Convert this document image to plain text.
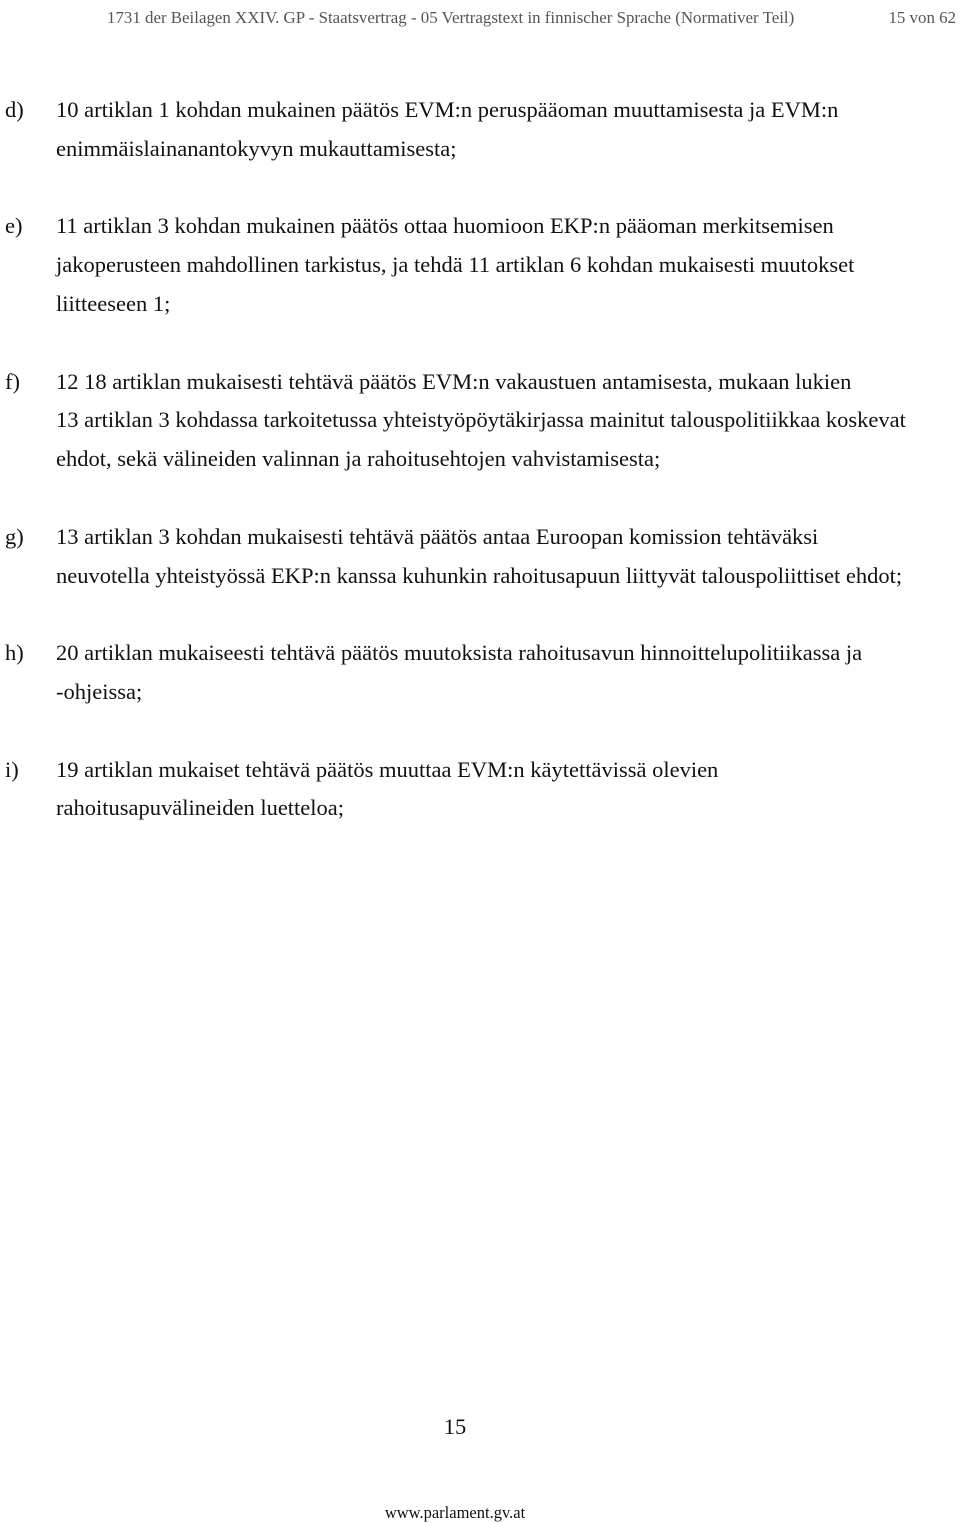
1731 der Beilagen XXIV. GP - Staatsvertrag - 05 Vertragstext in finnischer Sprache (Normativer Teil)	15 von 62
d)	10 artiklan 1 kohdan mukainen päätös EVM:n peruspääoman muuttamisesta ja EVM:n
enimmäislainanantokyvyn mukauttamisesta;
e)	11 artiklan 3 kohdan mukainen päätös ottaa huomioon EKP:n pääoman merkitsemisen
jakoperusteen mahdollinen tarkistus, ja tehdä 11 artiklan 6 kohdan mukaisesti muutokset
liitteeseen 1;
f)	12 18 artiklan mukaisesti tehtävä päätös EVM:n vakaustuen antamisesta, mukaan lukien
13 artiklan 3 kohdassa tarkoitetussa yhteistyöpöytäkirjassa mainitut talouspolitiikkaa koskevat
ehdot, sekä välineiden valinnan ja rahoitusehtojen vahvistamisesta;
g)	13 artiklan 3 kohdan mukaisesti tehtävä päätös antaa Euroopan komission tehtäväksi
neuvotella yhteistyössä EKP:n kanssa kuhunkin rahoitusapuun liittyvät talouspoliittiset ehdot;
h)	20 artiklan mukaiseesti tehtävä päätös muutoksista rahoitusavun hinnoittelupolitiikassa ja
-ohjeissa;
i)	19 artiklan mukaiset tehtävä päätös muuttaa EVM:n käytettävissä olevien
rahoitusapuvälineiden luetteloa;
15
www.parlament.gv.at
